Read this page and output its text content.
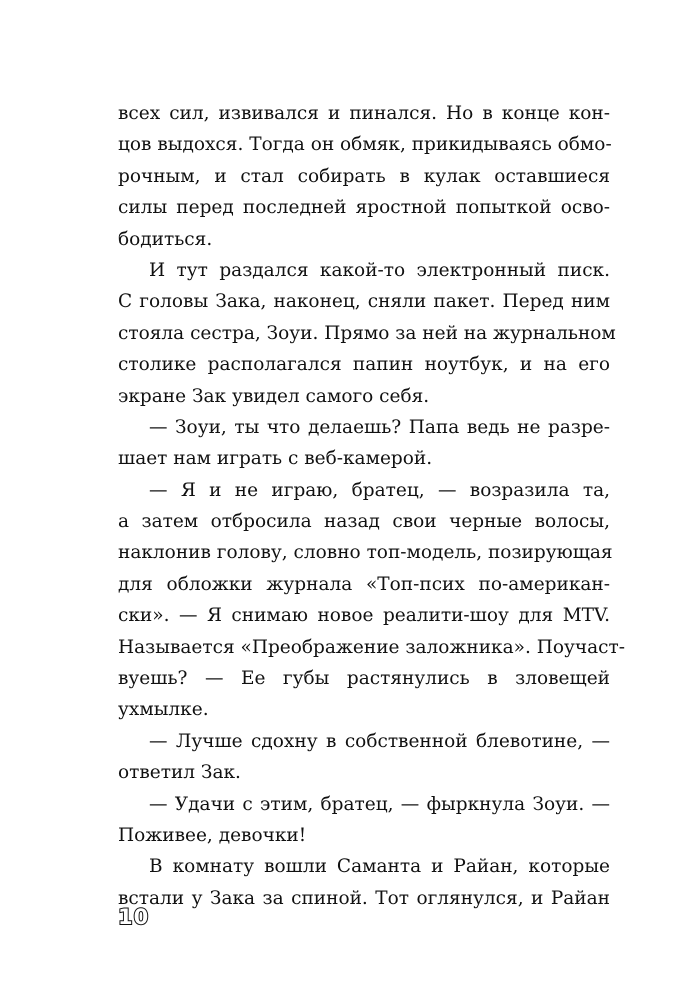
всех сил, извивался и пинался. Но в конце кон-
цов выдохся. Тогда он обмяк, прикидываясь обмо-
рочным, и стал собирать в кулак оставшиеся
силы перед последней яростной попыткой осво-
бодиться.
И тут раздался какой-то электронный писк.
С головы Зака, наконец, сняли пакет. Перед ним
стояла сестра, Зоуи. Прямо за ней на журнальном
столике располагался папин ноутбук, и на его
экране Зак увидел самого себя.
— Зоуи, ты что делаешь? Папа ведь не разре-
шает нам играть с веб-камерой.
— Я и не играю, братец, — возразила та,
а затем отбросила назад свои черные волосы,
наклонив голову, словно топ-модель, позирующая
для обложки журнала «Топ-псих по-американ-
ски». — Я снимаю новое реалити-шоу для MTV.
Называется «Преображение заложника». Поучаст-
вуешь? — Ее губы растянулись в зловещей
ухмылке.
— Лучше сдохну в собственной блевотине, —
ответил Зак.
— Удачи с этим, братец, — фыркнула Зоуи. —
Поживее, девочки!
В комнату вошли Саманта и Райан, которые
встали у Зака за спиной. Тот оглянулся, и Райан
10
